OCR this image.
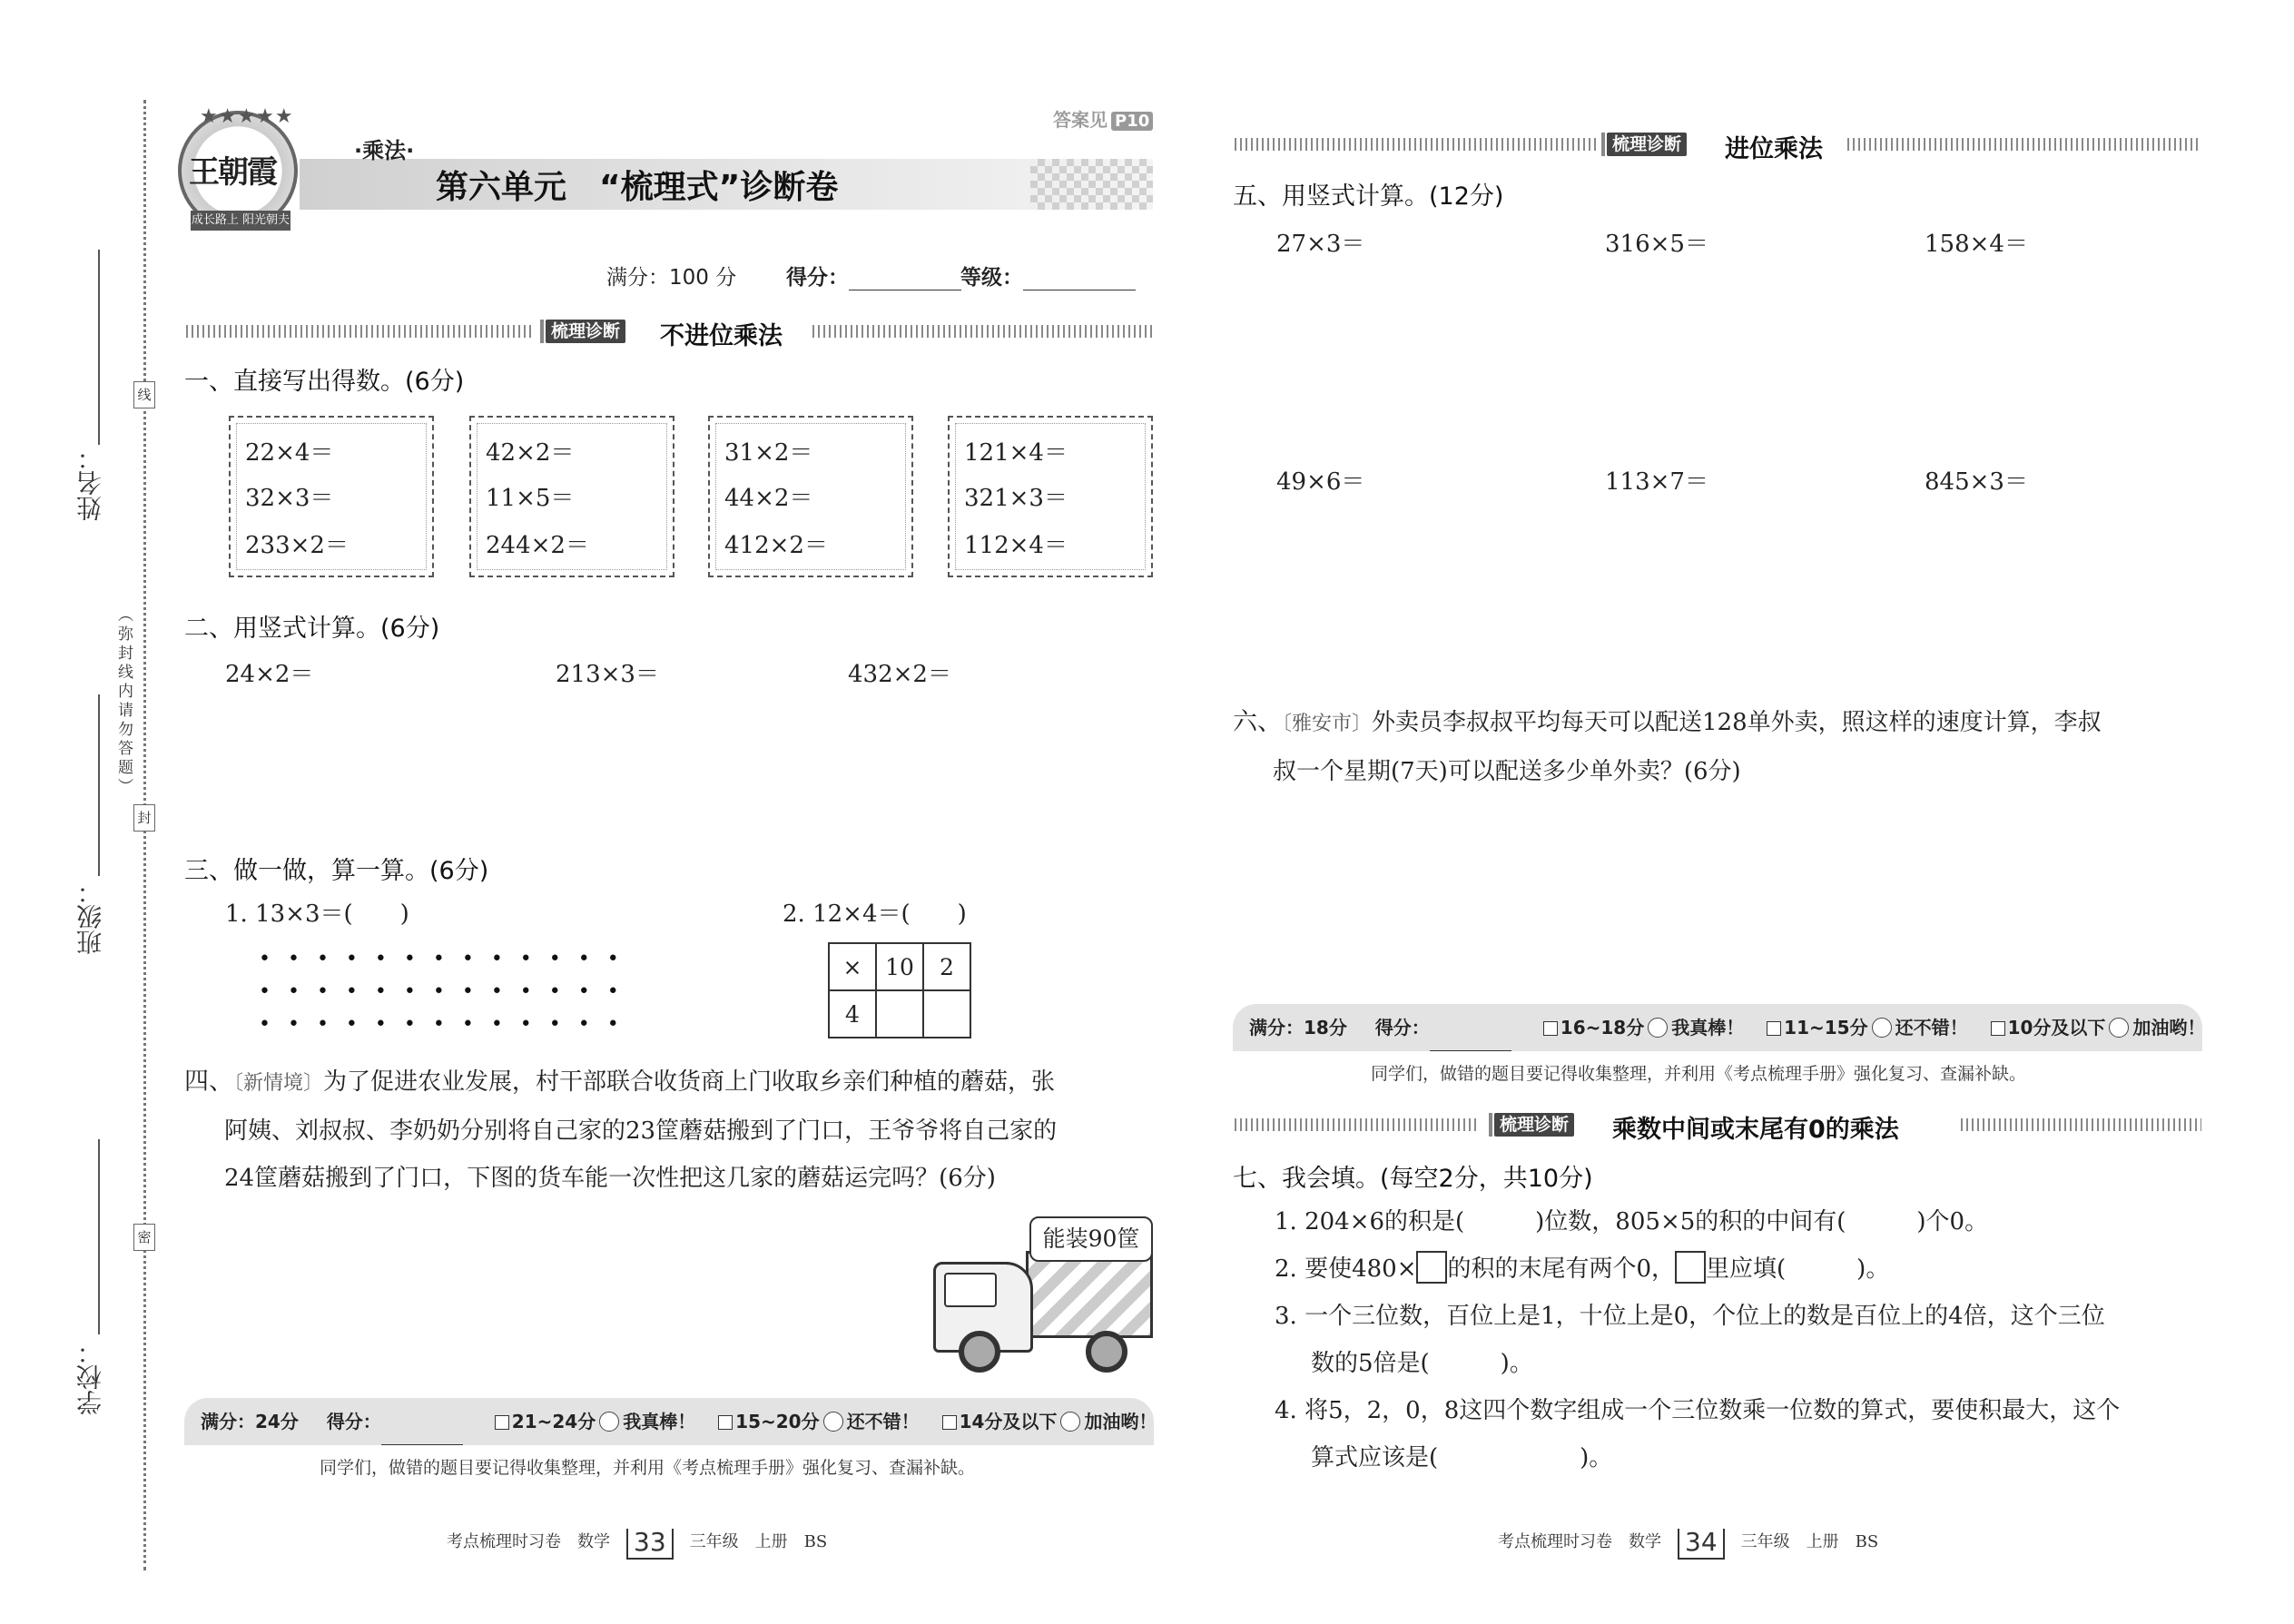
线
封
密
姓名：
（弥封线内请勿答题）
班级：
学校：
★★★★★
王朝霞
成长路上 阳光朝夫
答案见 P10
·乘法·
第六单元　“梳理式”诊断卷
满分：100 分 得分：	等级：
梳理诊断 不进位乘法
一、直接写出得数。(6分)
22×4＝
32×3＝
233×2＝
42×2＝
11×5＝
244×2＝
31×2＝
44×2＝
412×2＝
121×4＝
321×3＝
112×4＝
二、用竖式计算。(6分)
24×2＝	213×3＝	432×2＝
三、做一做，算一算。(6分)
1. 13×3＝(　　)	2. 12×4＝(　　)
•••••••••••••
•••••••••••••
•••••••••••••
×	10	2
4		
四、〔新情境〕为了促进农业发展，村干部联合收货商上门收取乡亲们种植的蘑菇，张
阿姨、刘叔叔、李奶奶分别将自己家的23筐蘑菇搬到了门口，王爷爷将自己家的
24筐蘑菇搬到了门口，下图的货车能一次性把这几家的蘑菇运完吗？(6分)
能装90筐
满分：24分 得分：	21~24分 我真棒！ 15~20分 还不错！ 14分及以下 加油哟！
同学们，做错的题目要记得收集整理，并利用《考点梳理手册》强化复习、查漏补缺。
考点梳理时习卷　数学 33 三年级　上册　BS
梳理诊断 进位乘法
五、用竖式计算。(12分)
27×3＝	316×5＝	158×4＝
49×6＝	113×7＝	845×3＝
六、〔雅安市〕外卖员李叔叔平均每天可以配送128单外卖，照这样的速度计算，李叔
叔一个星期(7天)可以配送多少单外卖？(6分)
满分：18分 得分：	16~18分 我真棒！ 11~15分 还不错！ 10分及以下 加油哟！
同学们，做错的题目要记得收集整理，并利用《考点梳理手册》强化复习、查漏补缺。
梳理诊断 乘数中间或末尾有0的乘法
七、我会填。(每空2分，共10分)
1. 204×6的积是(　　　)位数，805×5的积的中间有(　　　)个0。
2. 要使480× 的积的末尾有两个0， 里应填(　　　)。
3. 一个三位数，百位上是1，十位上是0，个位上的数是百位上的4倍，这个三位
数的5倍是(　　　)。
4. 将5，2，0，8这四个数字组成一个三位数乘一位数的算式，要使积最大，这个
算式应该是(　　　　　　)。
考点梳理时习卷　数学 34 三年级　上册　BS
